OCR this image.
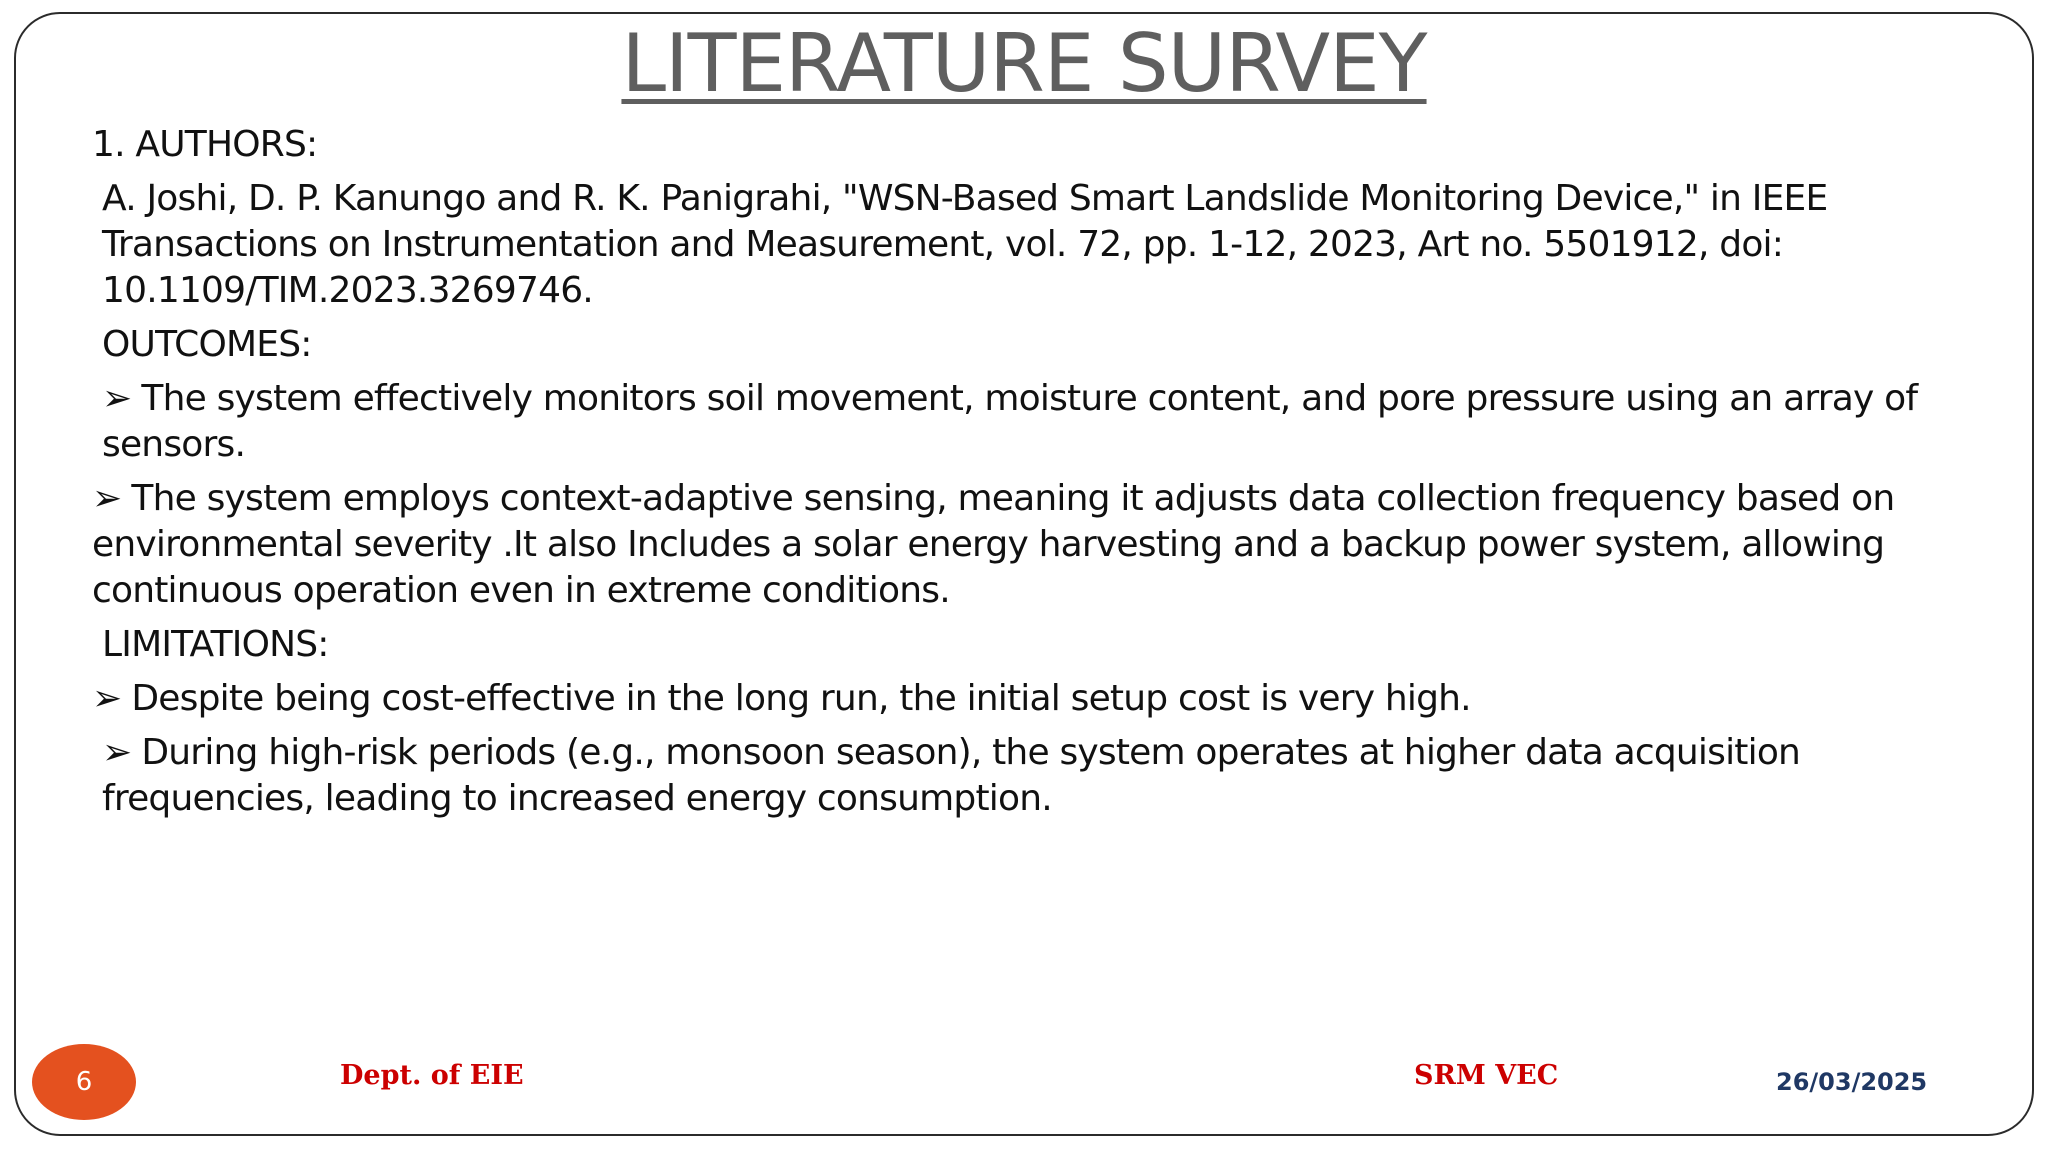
LITERATURE SURVEY

1. AUTHORS:

A. Joshi, D. P. Kanungo and R. K. Panigrahi, "WSN-Based Smart Landslide Monitoring Device," in IEEE Transactions on Instrumentation and Measurement, vol. 72, pp. 1-12, 2023, Art no. 5501912, doi: 10.1109/TIM.2023.3269746.

OUTCOMES:

➢ The system effectively monitors soil movement, moisture content, and pore pressure using an array of sensors.

➢ The system employs context-adaptive sensing, meaning it adjusts data collection frequency based on environmental severity .It also Includes a solar energy harvesting and a backup power system, allowing continuous operation even in extreme conditions.

LIMITATIONS:

➢ Despite being cost-effective in the long run, the initial setup cost is very high.

➢ During high-risk periods (e.g., monsoon season), the system operates at higher data acquisition frequencies, leading to increased energy consumption.

6	Dept. of EIE	SRM VEC	26/03/2025
